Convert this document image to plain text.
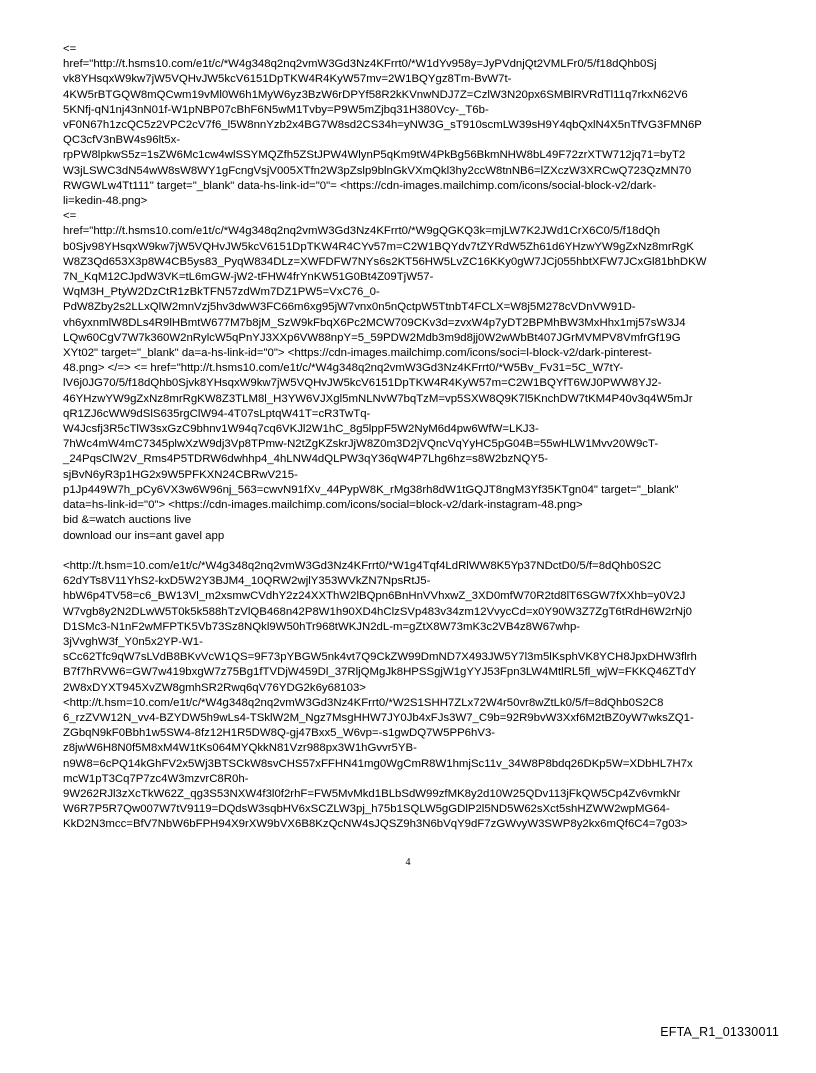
<=
href="http://t.hsms10.com/e1t/c/*W4g348q2nq2vmW3Gd3Nz4KFrrt0/*W1dYv958y=JyPVdnjQt2VMLFr0/5/f18dQhb0Sj
vk8YHsqxW9kw7jW5VQHvJW5kcV6151DpTKW4R4KyW57mv=2W1BQYgz8Tm-BvW7t-
4KW5rBTGQW8mQCwm19vMl0W6h1MyW6yz3BzW6rDPYf58R2kKVnwNDJ7Z=CzlW3N20px6SMBlRVRdTl11q7rkxN62V6
5KNfj-qN1nj43nN01f-W1pNBP07cBhF6N5wM1Tvby=P9W5mZjbq31H380Vcy-_T6b-
vF0N67h1zcQC5z2VPC2cV7f6_l5W8nnYzb2x4BG7W8sd2CS34h=yNW3G_sT910scmLW39sH9Y4qbQxlN4X5nTfVG3FMN6P
QC3cfV3nBW4s96lt5x-
rpPW8lpkwS5z=1sZW6Mc1cw4wlSSYMQZfh5ZStJPW4WlynP5qKm9tW4PkBg56BkmNHW8bL49F72zrXTW712jq71=byT2
W3jLSWC3dN54wW8sW8WY1gFcngVsjV005XTfn2W3pZslp9blnGkVXmQkl3hy2ccW8tnNB6=lZXczW3XRCwQ723QzMN70
RWGWLw4Tt111" target="_blank" data-hs-link-id="0"= <https://cdn-images.mailchimp.com/icons/social-block-v2/dark-
li=kedin-48.png>
<=
href="http://t.hsms10.com/e1t/c/*W4g348q2nq2vmW3Gd3Nz4KFrrt0/*W9gQGKQ3k=mjLW7K2JWd1CrX6C0/5/f18dQh
b0Sjv98YHsqxW9kw7jW5VQHvJW5kcV6151DpTKW4R4CYv57m=C2W1BQYdv7tZYRdW5Zh61d6YHzwYW9gZxNz8mrRgK
W8Z3Qd653X3p8W4CB5ys83_PyqW834DLz=XWFDFW7NYs6s2KT56HW5LvZC16KKy0gW7JCj055hbtXFW7JCxGl81bhDKW
7N_KqM12CJpdW3VK=tL6mGW-jW2-tFHW4frYnKW51G0Bt4Z09TjW57-
WqM3H_PtyW2DzCtR1zBkTFN57zdWm7DZ1PW5=VxC76_0-
PdW8Zby2s2LLxQlW2mnVzj5hv3dwW3FC66m6xg95jW7vnx0n5nQctpW5TtnbT4FCLX=W8j5M278cVDnVW91D-
vh6yxnmlW8DLs4R9lHBmtW677M7b8jM_SzW9kFbqX6Pc2MCW709CKv3d=zvxW4p7yDT2BPMhBW3MxHhx1mj57sW3J4
LQw60CgV7W7k360W2nRylcW5qPnYJ3XXp6VW88npY=5_59PDW2Mdb3m9d8jj0W2wWbBt407JGrMVMPV8VmfrGf19G
XYt02" target="_blank" da=a-hs-link-id="0"> <https://cdn-images.mailchimp.com/icons/soci=l-block-v2/dark-pinterest-
48.png> </=> <= href="http://t.hsms10.com/e1t/c/*W4g348q2nq2vmW3Gd3Nz4KFrrt0/*W5Bv_Fv31=5C_W7tY-
lV6j0JG70/5/f18dQhb0Sjvk8YHsqxW9kw7jW5VQHvJW5kcV6151DpTKW4R4KyW57m=C2W1BQYfT6WJ0PWW8YJ2-
46YHzwYW9gZxNz8mrRgKW8Z3TLM8l_H3YW6VJXgl5mNLNvW7bqTzM=vp5SXW8Q9K7l5KnchDW7tKM4P40v3q4W5mJr
qR1ZJ6cWW9dSlS635rgClW94-4T07sLptqW41T=cR3TwTq-
W4Jcsfj3R5cTlW3sxGzC9bhnv1W94q7cq6VKJl2W1hC_8g5lppF5W2NyM6d4pw6WfW=LKJ3-
7hWc4mW4mC7345plwXzW9dj3Vp8TPmw-N2tZgKZskrJjW8Z0m3D2jVQncVqYyHC5pG04B=55wHLW1Mvv20W9cT-
_24PqsClW2V_Rms4P5TDRW6dwhhp4_4hLNW4dQLPW3qY36qW4P7Lhg6hz=s8W2bzNQY5-
sjBvN6yR3p1HG2x9W5PFKXN24CBRwV215-
p1Jp449W7h_pCy6VX3w6W96nj_563=cwvN91fXv_44PypW8K_rMg38rh8dW1tGQJT8ngM3Yf35KTgn04" target="_blank"
data=hs-link-id="0"> <https://cdn-images.mailchimp.com/icons/social=block-v2/dark-instagram-48.png>
bid &=watch auctions live
download our ins=ant gavel app
<http://t.hsm=10.com/e1t/c/*W4g348q2nq2vmW3Gd3Nz4KFrrt0/*W1g4Tqf4LdRlWW8K5Yp37NDctD0/5/f=8dQhb0S2C
62dYTs8V11YhS2-kxD5W2Y3BJM4_10QRW2wjlY353WVkZN7NpsRtJ5-
hbW6p4TV58=c6_BW13Vl_m2xsmwCVdhY2z24XXThW2lBQpn6BnHnVVhxwZ_3XD0mfW70R2td8lT6SGW7fXXhb=y0V2J
W7vgb8y2N2DLwW5T0k5k588hTzVlQB468n42P8W1h90XD4hClzSVp483v34zm12VvycCd=x0Y90W3Z7ZgT6tRdH6W2rNj0
D1SMc3-N1nF2wMFPTK5Vb73Sz8NQkl9W50hTr968tWKJN2dL-m=gZtX8W73mK3c2VB4z8W67whp-
3jVvghW3f_Y0n5x2YP-W1-
sCc62Tfc9qW7sLVdB8BKvVcW1QS=9F73pYBGW5nk4vt7Q9CkZW99DmND7X493JW5Y7l3m5lKsphVK8YCH8JpxDHW3flrh
B7f7hRVW6=GW7w419bxgW7z75Bg1fTVDjW459Dl_37RljQMgJk8HPSSgjW1gYYJ53Fpn3LW4MtlRL5fl_wjW=FKKQ46ZTdY
2W8xDYXT945XvZW8gmhSR2Rwq6qV76YDG2k6y68103>
<http://t.hsm=10.com/e1t/c/*W4g348q2nq2vmW3Gd3Nz4KFrrt0/*W2S1SHH7ZLx72W4r50vr8wZtLk0/5/f=8dQhb0S2C8
6_rzZVW12N_vv4-BZYDW5h9wLs4-TSklW2M_Ngz7MsgHHW7JY0Jb4xFJs3W7_C9b=92R9bvW3Xxf6M2tBZ0yW7wksZQ1-
ZGbqN9kF0Bbh1w5SW4-8fz12H1R5DW8Q-gj47Bxx5_W6vp=-s1gwDQ7W5PP6hV3-
z8jwW6H8N0f5M8xM4W1tKs064MYQkkN81Vzr988px3W1hGvvr5YB-
n9W8=6cPQ14kGhFV2x5Wj3BTSCkW8svCHS57xFFHN41mg0WgCmR8W1hmjSc11v_34W8P8bdq26DKp5W=XDbHL7H7x
mcW1pT3Cq7P7zc4W3mzvrC8R0h-
9W262RJl3zXcTkW62Z_qg3S53NXW4f3l0f2rhF=FW5MvMkd1BLbSdW99zfMK8y2d10W25QDv113jFkQW5Cp4Zv6vmkNr
W6R7P5R7Qw007W7tV9119=DQdsW3sqbHV6xSCZLW3pj_h75b1SQLW5gGDlP2l5ND5W62sXct5shHZWW2wpMG64-
KkD2N3mcc=BfV7NbW6bFPH94X9rXW9bVX6B8KzQcNW4sJQSZ9h3N6bVqY9dF7zGWvyW3SWP8y2kx6mQf6C4=7g03>
4
EFTA_R1_01330011
